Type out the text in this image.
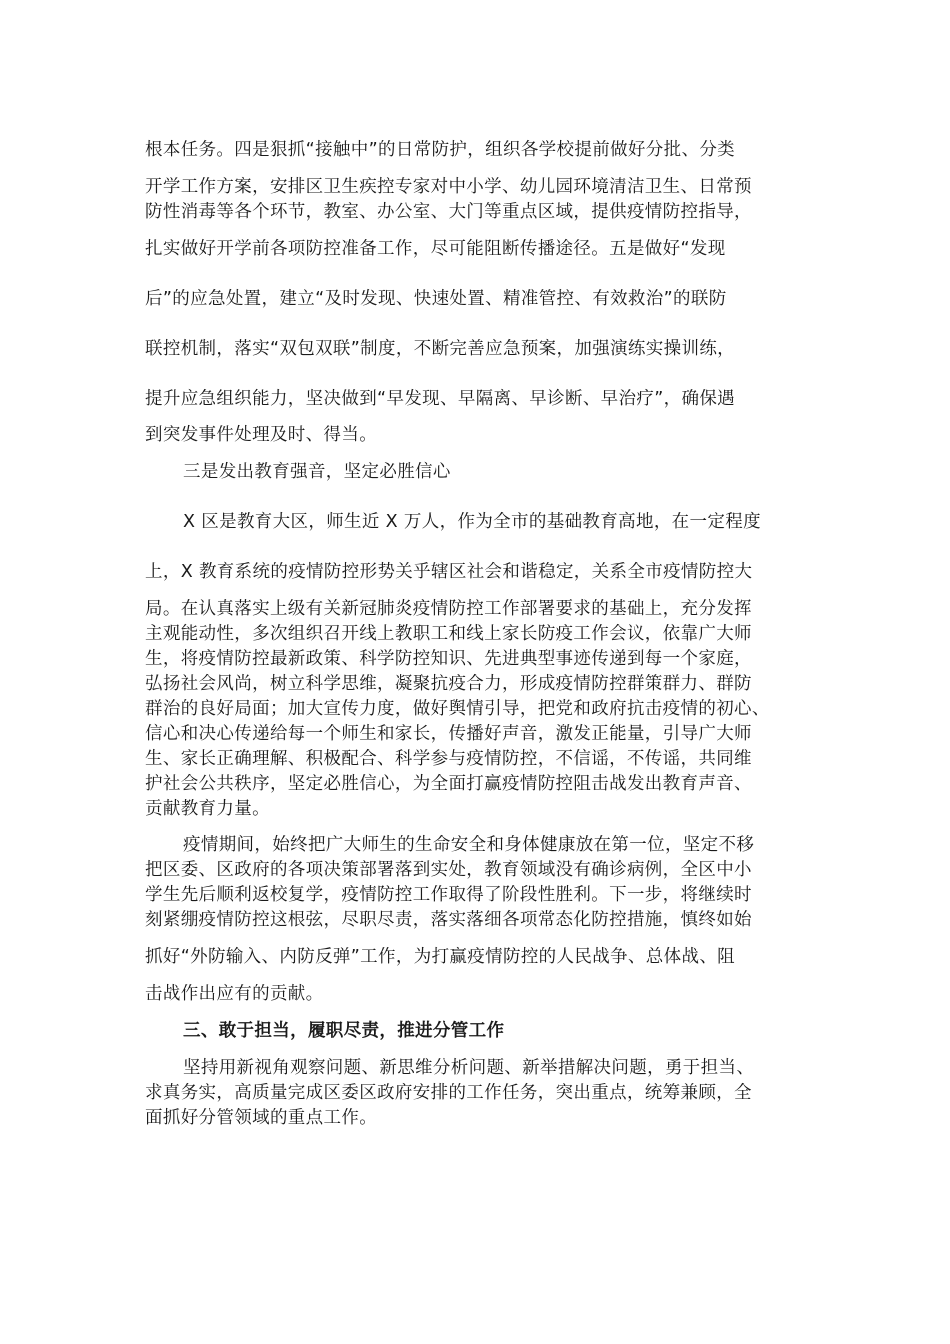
根本任务。四是狠抓“接触中”的日常防护，组织各学校提前做好分批、分类
开学工作方案，安排区卫生疾控专家对中小学、幼儿园环境清洁卫生、日常预
防性消毒等各个环节，教室、办公室、大门等重点区域，提供疫情防控指导，
扎实做好开学前各项防控准备工作，尽可能阻断传播途径。五是做好“发现
后”的应急处置，建立“及时发现、快速处置、精准管控、有效救治”的联防
联控机制，落实“双包双联”制度，不断完善应急预案，加强演练实操训练，
提升应急组织能力，坚决做到“早发现、早隔离、早诊断、早治疗”，确保遇
到突发事件处理及时、得当。
三是发出教育强音，坚定必胜信心
X 区是教育大区，师生近 X 万人，作为全市的基础教育高地，在一定程度
上，X 教育系统的疫情防控形势关乎辖区社会和谐稳定，关系全市疫情防控大
局。在认真落实上级有关新冠肺炎疫情防控工作部署要求的基础上，充分发挥
主观能动性，多次组织召开线上教职工和线上家长防疫工作会议，依靠广大师
生，将疫情防控最新政策、科学防控知识、先进典型事迹传递到每一个家庭，
弘扬社会风尚，树立科学思维，凝聚抗疫合力，形成疫情防控群策群力、群防
群治的良好局面；加大宣传力度，做好舆情引导，把党和政府抗击疫情的初心、
信心和决心传递给每一个师生和家长，传播好声音，激发正能量，引导广大师
生、家长正确理解、积极配合、科学参与疫情防控，不信谣，不传谣，共同维
护社会公共秩序，坚定必胜信心，为全面打赢疫情防控阻击战发出教育声音、
贡献教育力量。
疫情期间，始终把广大师生的生命安全和身体健康放在第一位，坚定不移
把区委、区政府的各项决策部署落到实处，教育领域没有确诊病例，全区中小
学生先后顺利返校复学，疫情防控工作取得了阶段性胜利。下一步，将继续时
刻紧绷疫情防控这根弦，尽职尽责，落实落细各项常态化防控措施，慎终如始
抓好“外防输入、内防反弹”工作，为打赢疫情防控的人民战争、总体战、阻
击战作出应有的贡献。
三、敢于担当，履职尽责，推进分管工作
坚持用新视角观察问题、新思维分析问题、新举措解决问题，勇于担当、
求真务实，高质量完成区委区政府安排的工作任务，突出重点，统筹兼顾，全
面抓好分管领域的重点工作。
